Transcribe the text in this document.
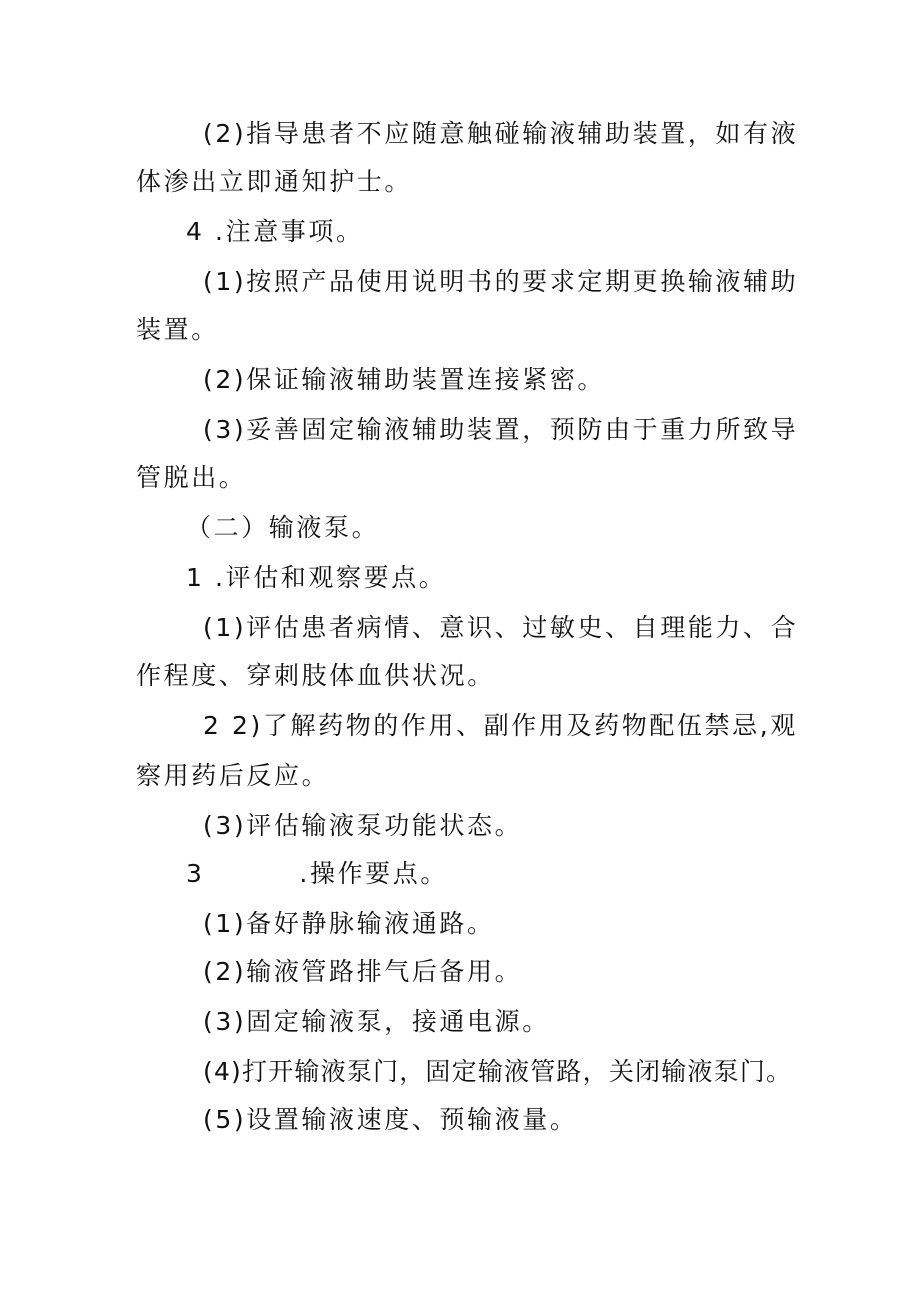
(2)指导患者不应随意触碰输液辅助装置，如有液
体渗出立即通知护士。
4 .注意事项。
(1)按照产品使用说明书的要求定期更换输液辅助
装置。
(2)保证输液辅助装置连接紧密。
(3)妥善固定输液辅助装置，预防由于重力所致导
管脱出。
（二）输液泵。
1 .评估和观察要点。
(1)评估患者病情、意识、过敏史、自理能力、合
作程度、穿刺肢体血供状况。
2 2)了解药物的作用、副作用及药物配伍禁忌,观
察用药后反应。
(3)评估输液泵功能状态。
3         .操作要点。
(1)备好静脉输液通路。
(2)输液管路排气后备用。
(3)固定输液泵，接通电源。
(4)打开输液泵门，固定输液管路，关闭输液泵门。
(5)设置输液速度、预输液量。
